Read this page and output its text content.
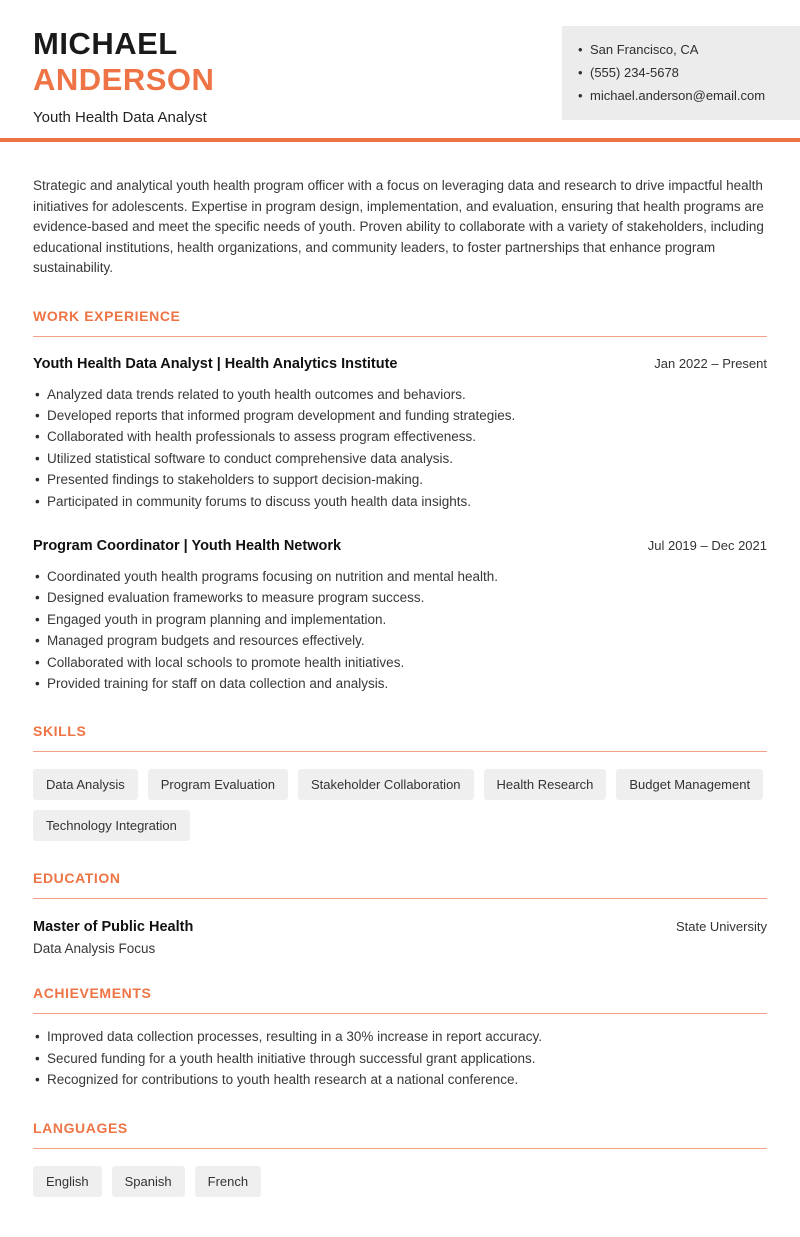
MICHAEL
ANDERSON
Youth Health Data Analyst
• San Francisco, CA
• (555) 234-5678
• michael.anderson@email.com

Strategic and analytical youth health program officer with a focus on leveraging data and research to drive impactful health initiatives for adolescents. Expertise in program design, implementation, and evaluation, ensuring that health programs are evidence-based and meet the specific needs of youth. Proven ability to collaborate with a variety of stakeholders, including educational institutions, health organizations, and community leaders, to foster partnerships that enhance program sustainability.

WORK EXPERIENCE
Youth Health Data Analyst | Health Analytics Institute	Jan 2022 – Present
• Analyzed data trends related to youth health outcomes and behaviors.
• Developed reports that informed program development and funding strategies.
• Collaborated with health professionals to assess program effectiveness.
• Utilized statistical software to conduct comprehensive data analysis.
• Presented findings to stakeholders to support decision-making.
• Participated in community forums to discuss youth health data insights.
Program Coordinator | Youth Health Network	Jul 2019 – Dec 2021
• Coordinated youth health programs focusing on nutrition and mental health.
• Designed evaluation frameworks to measure program success.
• Engaged youth in program planning and implementation.
• Managed program budgets and resources effectively.
• Collaborated with local schools to promote health initiatives.
• Provided training for staff on data collection and analysis.
SKILLS
Data Analysis	Program Evaluation	Stakeholder Collaboration	Health Research	Budget Management
Technology Integration
EDUCATION
Master of Public Health	State University
Data Analysis Focus
ACHIEVEMENTS
• Improved data collection processes, resulting in a 30% increase in report accuracy.
• Secured funding for a youth health initiative through successful grant applications.
• Recognized for contributions to youth health research at a national conference.
LANGUAGES
English	Spanish	French
